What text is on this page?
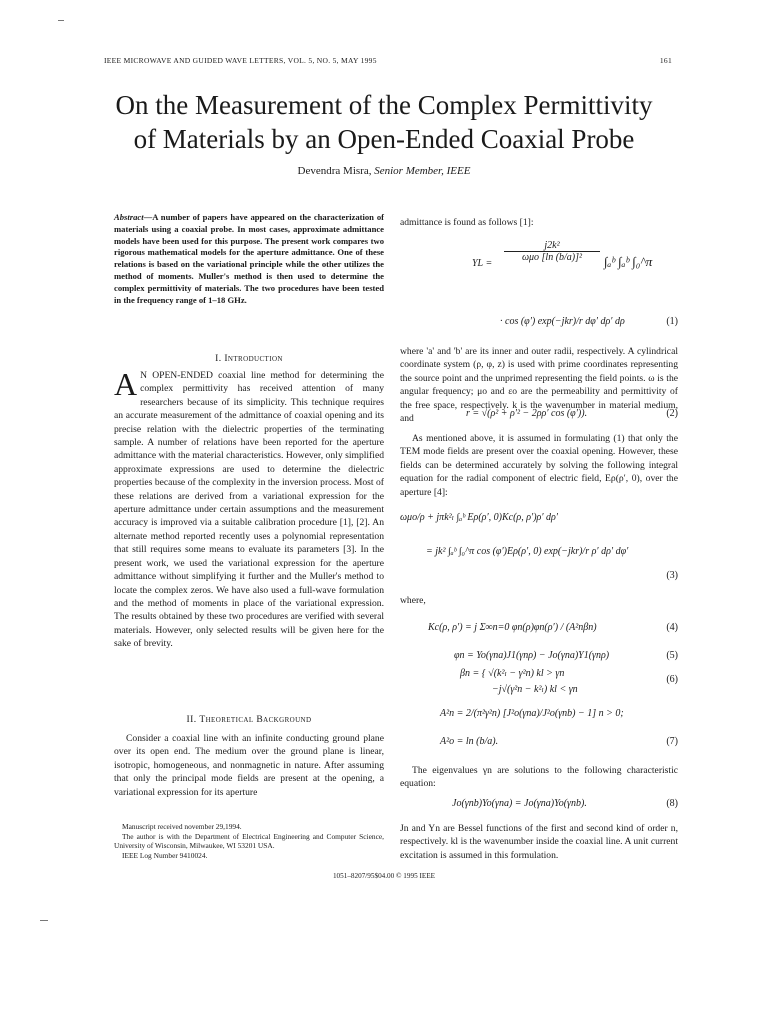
IEEE MICROWAVE AND GUIDED WAVE LETTERS, VOL. 5, NO. 5, MAY 1995	161
On the Measurement of the Complex Permittivity
of Materials by an Open-Ended Coaxial Probe
Devendra Misra, Senior Member, IEEE
Abstract—A number of papers have appeared on the characterization of materials using a coaxial probe. In most cases, approximate admittance models have been used for this purpose. The present work compares two rigorous mathematical models for the aperture admittance. One of these relations is based on the variational principle while the other utilizes the method of moments. Muller's method is then used to determine the complex permittivity of materials. The two procedures have been tested in the frequency range of 1–18 GHz.
I. Introduction
A N OPEN-ENDED coaxial line method for determining the complex permittivity has received attention of many researchers because of its simplicity. This technique requires an accurate measurement of the admittance of coaxial opening and its precise relation with the dielectric properties of the terminating sample. A number of relations have been reported for the aperture admittance with the material characteristics. However, only simplified approximate expressions are used to determine the dielectric properties because of the complexity in the inversion process. Most of these relations are derived from a variational expression for the aperture admittance under certain assumptions and the measurement accuracy is improved via a suitable calibration procedure [1], [2]. An alternate method reported recently uses a polynomial representation that still requires some means to evaluate its parameters [3]. In the present work, we used the variational expression for the aperture admittance without simplifying it further and the Muller's method to locate the complex zeros. We have also used a full-wave formulation and the method of moments in place of the variational expression. The results obtained by these two procedures are verified with several materials. However, only selected results will be given here for the sake of brevity.
II. Theoretical Background
Consider a coaxial line with an infinite conducting ground plane over its open end. The medium over the ground plane is linear, isotropic, homogeneous, and nonmagnetic in nature. After assuming that only the principal mode fields are present at the opening, a variational expression for its aperture

Manuscript received november 29,1994.

The author is with the Department of Electrical Engineering and Computer Science, University of Wisconsin, Milwaukee, WI 53201 USA.

IEEE Log Number 9410024.

1051–8207/95$04.00 © 1995 IEEE
admittance is found as follows [1]:
YL =
j2k²
ωμo [ln (b/a)]²	∫ₐᵇ ∫ₐᵇ ∫₀^π
· cos (φ′) exp(−jkr)/r dφ′ dρ′ dρ	(1)
where 'a' and 'b' are its inner and outer radii, respectively. A cylindrical coordinate system (ρ, φ, z) is used with prime coordinates representing the source point and the unprimed representing the field points. ω is the angular frequency; μo and εo are the permeability and permittivity of the free space, respectively. k is the wavenumber in material medium, and	r = √(ρ² + ρ′² − 2ρρ′ cos (φ′)).	(2)
As mentioned above, it is assumed in formulating (1) that only the TEM mode fields are present over the coaxial opening. However, these fields can be determined accurately by solving the following integral equation for the radial component of electric field, Eρ(ρ′, 0), over the aperture [4]:
ωμo/ρ + jπk²ₗ ∫ₐᵇ Eρ(ρ′, 0)Kc(ρ, ρ′)ρ′ dρ′
= jk² ∫ₐᵇ ∫₀^π cos (φ′)Eρ(ρ′, 0) exp(−jkr)/r ρ′ dρ′ dφ′
(3)
where,
Kc(ρ, ρ′) = j Σ∞n=0 φn(ρ)φn(ρ′) / (A²nβn)	(4)
φn = Yo(γna)J1(γnρ) − Jo(γna)Y1(γnρ)	(5)
βn = { √(k²ₗ − γ²n) kl > γn
−j√(γ²n − k²ₗ) kl < γn
(6)
A²n = 2/(π²γ²n) [J²o(γna)/J²o(γnb) − 1] n > 0;
A²o = ln (b/a).	(7)
The eigenvalues γn are solutions to the following characteristic equation:
Jo(γnb)Yo(γna) = Jo(γna)Yo(γnb).	(8)
Jn and Yn are Bessel functions of the first and second kind of order n, respectively. kl is the wavenumber inside the coaxial line. A unit current excitation is assumed in this formulation.
